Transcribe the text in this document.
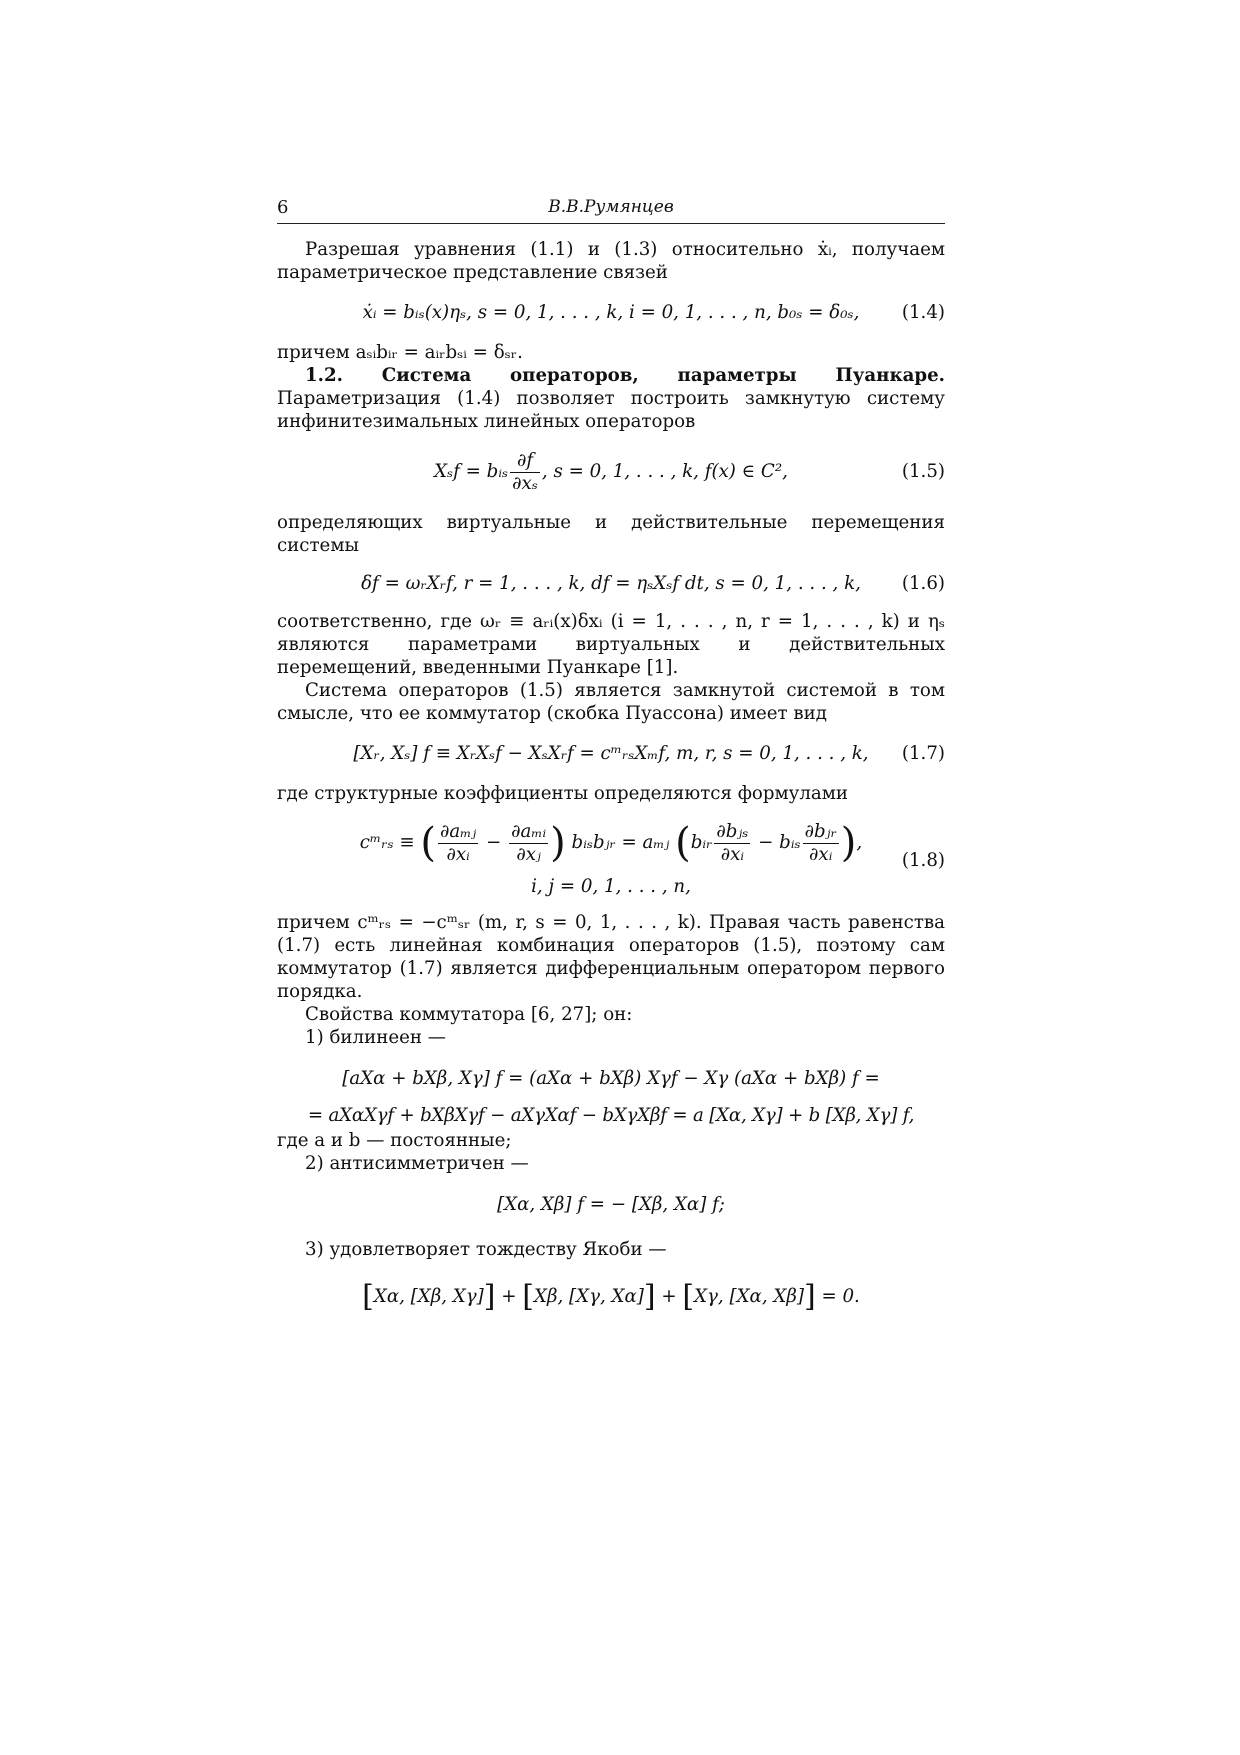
6	В.В.Румянцев

Разрешая уравнения (1.1) и (1.3) относительно ẋᵢ, получаем параметрическое представление связей

ẋᵢ = bᵢₛ(x)ηₛ, s = 0, 1, . . . , k, i = 0, 1, . . . , n, b₀ₛ = δ₀ₛ, (1.4)

причем aₛᵢbᵢᵣ = aᵢᵣbₛᵢ = δₛᵣ.

1.2. Система операторов, параметры Пуанкаре. Параметризация (1.4) позволяет построить замкнутую систему инфинитезимальных линейных операторов

Xₛf = bᵢₛ $\frac{\partial f}{\text{∂xₛ}}$ , s = 0, 1, . . . , k, f(x) ∈ C²,	(1.5)

определяющих виртуальные и действительные перемещения системы

δf = ωᵣXᵣf, r = 1, . . . , k, df = ηₛXₛf dt, s = 0, 1, . . . , k, (1.6)

соответственно, где ωᵣ ≡ aᵣᵢ(x)δxᵢ (i = 1, . . . , n, r = 1, . . . , k) и ηₛ являются параметрами виртуальных и действительных перемещений, введенными Пуанкаре [1].

Система операторов (1.5) является замкнутой системой в том смысле, что ее коммутатор (скобка Пуассона) имеет вид

[Xᵣ, Xₛ] f ≡ XᵣXₛf − XₛXᵣf = cᵐᵣₛXₘf, m, r, s = 0, 1, . . . , k, (1.7)

где структурные коэффициенты определяются формулами

cᵐᵣₛ ≡ ( $\frac{\text{∂aₘⱼ}}{\text{∂xᵢ}} - \frac{\text{∂aₘᵢ}}{\text{∂xⱼ}}$ ) bᵢₛbⱼᵣ = aₘⱼ (bᵢᵣ $\frac{\text{∂bⱼₛ}}{\text{∂xᵢ}}$ − bᵢₛ $\frac{\text{∂bⱼᵣ}}{\text{∂xᵢ}}$ ),
i, j = 0, 1, . . . , n,
(1.8)

причем cᵐᵣₛ = −cᵐₛᵣ (m, r, s = 0, 1, . . . , k). Правая часть равенства (1.7) есть линейная комбинация операторов (1.5), поэтому сам коммутатор (1.7) является дифференциальным оператором первого порядка.

Свойства коммутатора [6, 27]; он:

1) билинеен —

[aXα + bXβ, Xγ] f = (aXα + bXβ) Xγf − Xγ (aXα + bXβ) f =
= aXαXγf + bXβXγf − aXγXαf − bXγXβf = a [Xα, Xγ] + b [Xβ, Xγ] f,

где a и b — постоянные;

2) антисимметричен —

[Xα, Xβ] f = − [Xβ, Xα] f;

3) удовлетворяет тождеству Якоби —

[Xα, [Xβ, Xγ]] + [Xβ, [Xγ, Xα]] + [Xγ, [Xα, Xβ]] = 0.
